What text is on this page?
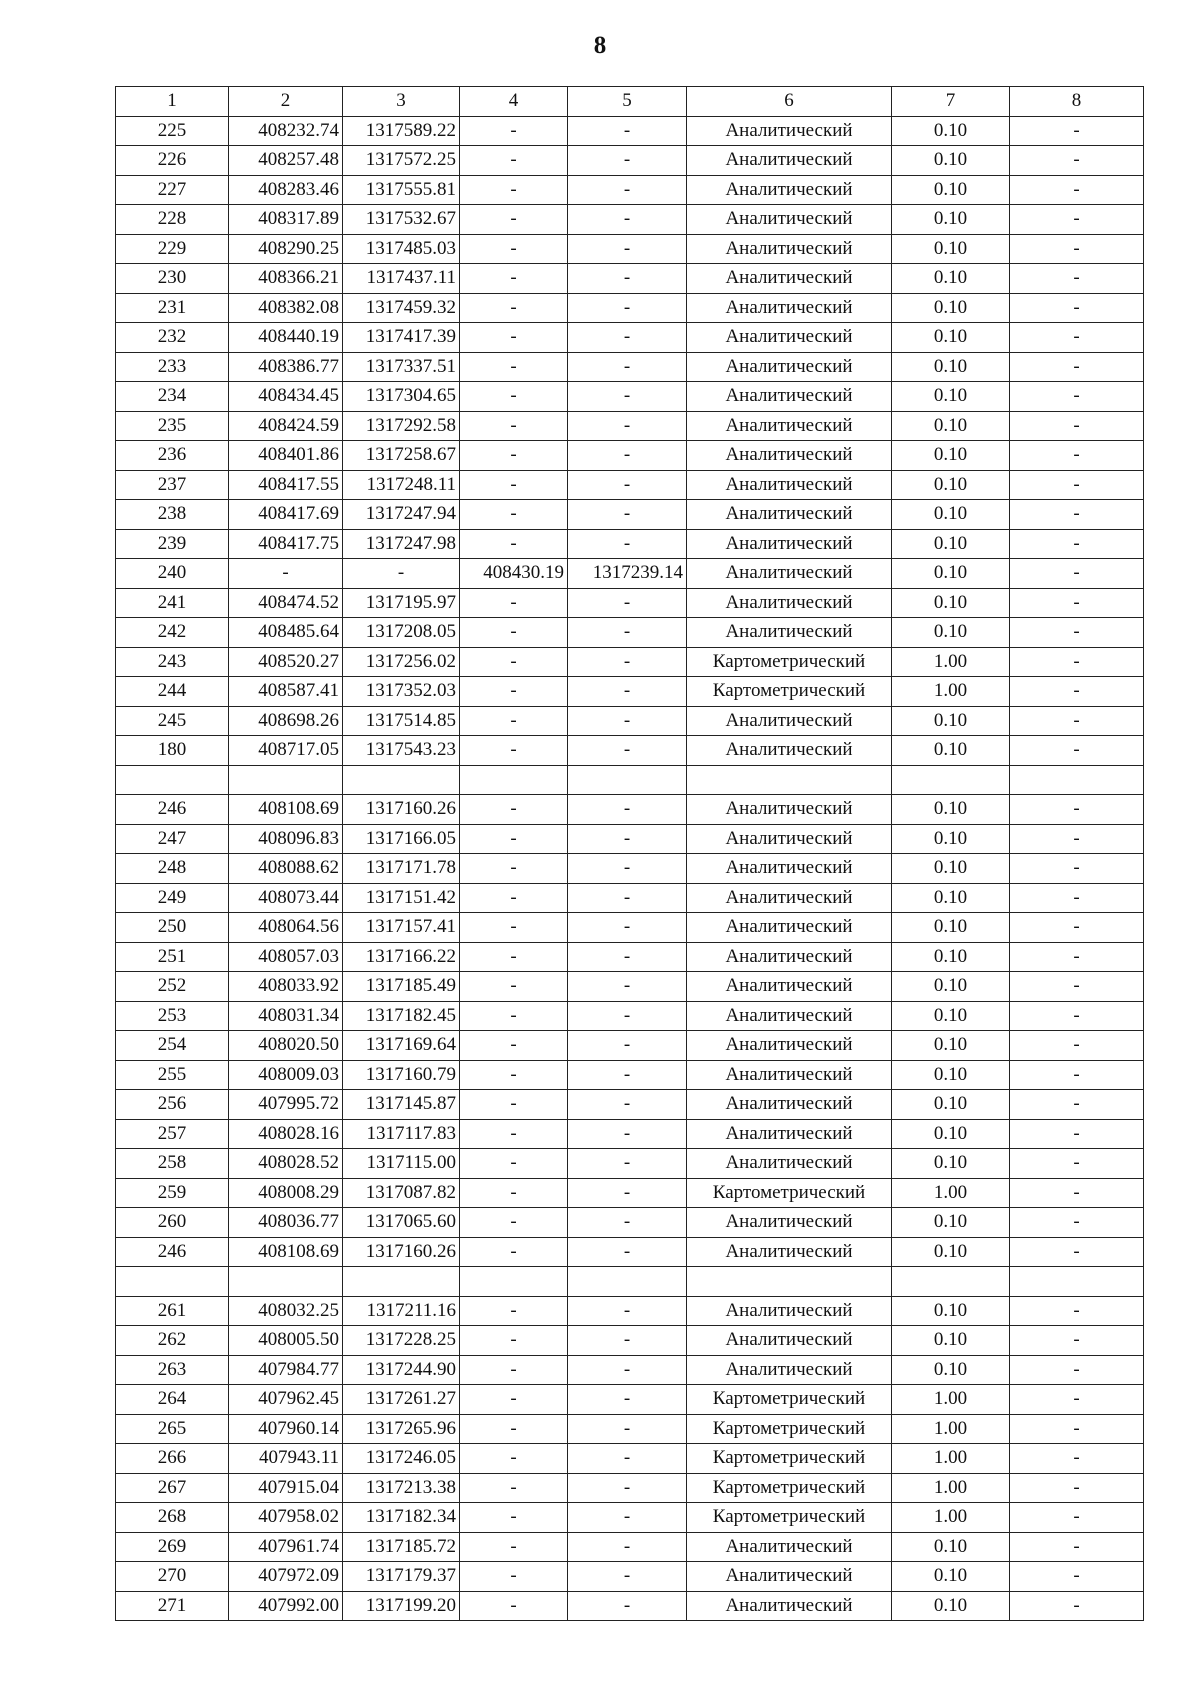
8
1	2	3	4	5	6	7	8
225	408232.74	1317589.22	-	-	Аналитический	0.10	-
226	408257.48	1317572.25	-	-	Аналитический	0.10	-
227	408283.46	1317555.81	-	-	Аналитический	0.10	-
228	408317.89	1317532.67	-	-	Аналитический	0.10	-
229	408290.25	1317485.03	-	-	Аналитический	0.10	-
230	408366.21	1317437.11	-	-	Аналитический	0.10	-
231	408382.08	1317459.32	-	-	Аналитический	0.10	-
232	408440.19	1317417.39	-	-	Аналитический	0.10	-
233	408386.77	1317337.51	-	-	Аналитический	0.10	-
234	408434.45	1317304.65	-	-	Аналитический	0.10	-
235	408424.59	1317292.58	-	-	Аналитический	0.10	-
236	408401.86	1317258.67	-	-	Аналитический	0.10	-
237	408417.55	1317248.11	-	-	Аналитический	0.10	-
238	408417.69	1317247.94	-	-	Аналитический	0.10	-
239	408417.75	1317247.98	-	-	Аналитический	0.10	-
240	-	-	408430.19	1317239.14	Аналитический	0.10	-
241	408474.52	1317195.97	-	-	Аналитический	0.10	-
242	408485.64	1317208.05	-	-	Аналитический	0.10	-
243	408520.27	1317256.02	-	-	Картометрический	1.00	-
244	408587.41	1317352.03	-	-	Картометрический	1.00	-
245	408698.26	1317514.85	-	-	Аналитический	0.10	-
180	408717.05	1317543.23	-	-	Аналитический	0.10	-

246	408108.69	1317160.26	-	-	Аналитический	0.10	-
247	408096.83	1317166.05	-	-	Аналитический	0.10	-
248	408088.62	1317171.78	-	-	Аналитический	0.10	-
249	408073.44	1317151.42	-	-	Аналитический	0.10	-
250	408064.56	1317157.41	-	-	Аналитический	0.10	-
251	408057.03	1317166.22	-	-	Аналитический	0.10	-
252	408033.92	1317185.49	-	-	Аналитический	0.10	-
253	408031.34	1317182.45	-	-	Аналитический	0.10	-
254	408020.50	1317169.64	-	-	Аналитический	0.10	-
255	408009.03	1317160.79	-	-	Аналитический	0.10	-
256	407995.72	1317145.87	-	-	Аналитический	0.10	-
257	408028.16	1317117.83	-	-	Аналитический	0.10	-
258	408028.52	1317115.00	-	-	Аналитический	0.10	-
259	408008.29	1317087.82	-	-	Картометрический	1.00	-
260	408036.77	1317065.60	-	-	Аналитический	0.10	-
246	408108.69	1317160.26	-	-	Аналитический	0.10	-

261	408032.25	1317211.16	-	-	Аналитический	0.10	-
262	408005.50	1317228.25	-	-	Аналитический	0.10	-
263	407984.77	1317244.90	-	-	Аналитический	0.10	-
264	407962.45	1317261.27	-	-	Картометрический	1.00	-
265	407960.14	1317265.96	-	-	Картометрический	1.00	-
266	407943.11	1317246.05	-	-	Картометрический	1.00	-
267	407915.04	1317213.38	-	-	Картометрический	1.00	-
268	407958.02	1317182.34	-	-	Картометрический	1.00	-
269	407961.74	1317185.72	-	-	Аналитический	0.10	-
270	407972.09	1317179.37	-	-	Аналитический	0.10	-
271	407992.00	1317199.20	-	-	Аналитический	0.10	-
